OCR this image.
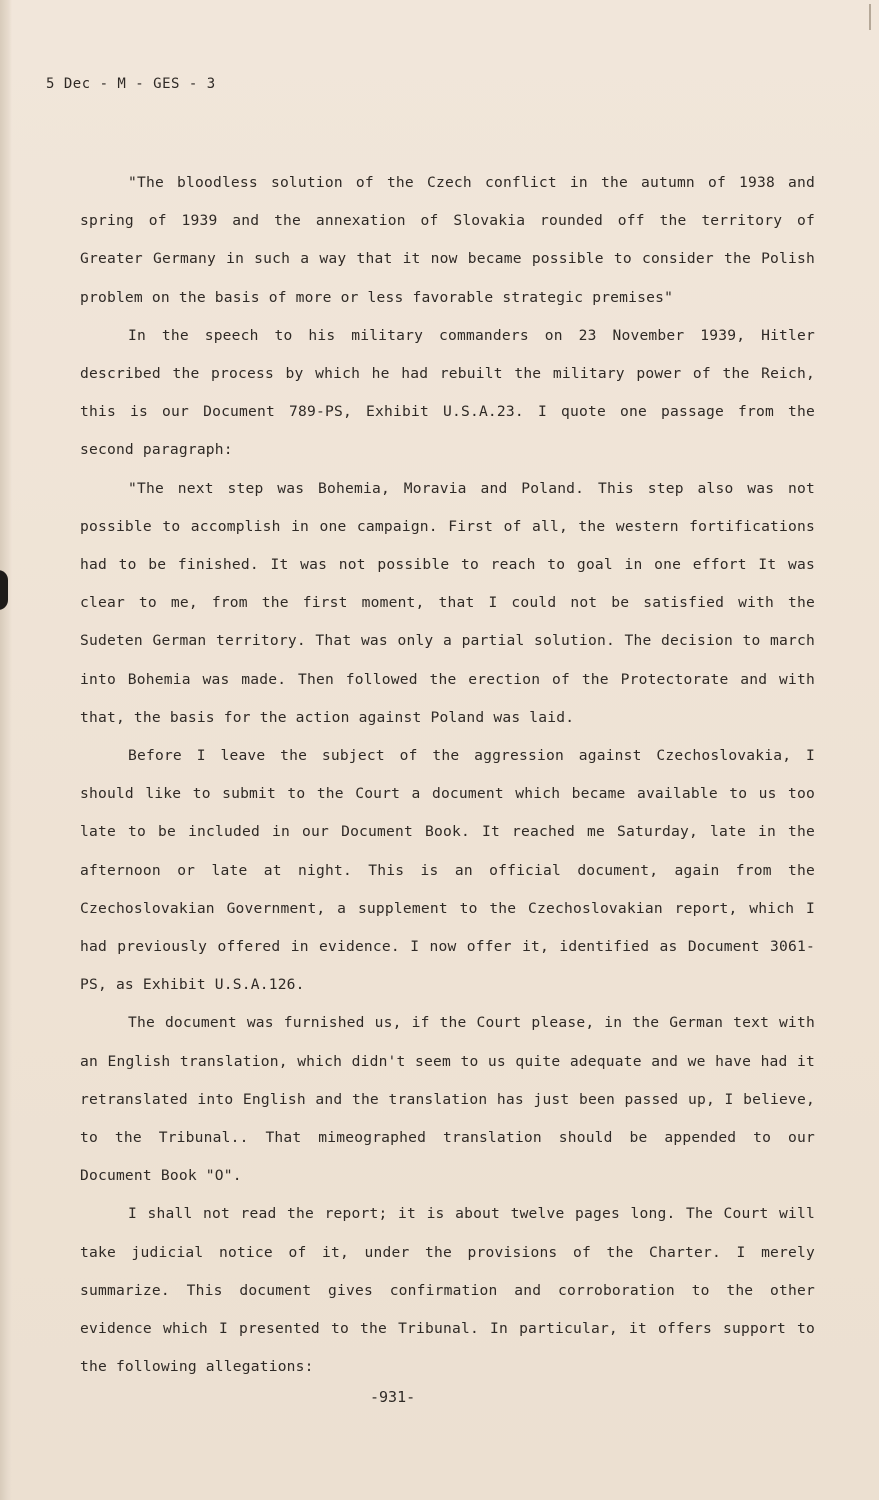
5 Dec - M - GES - 3

"The bloodless solution of the Czech conflict in the autumn of 1938 and spring of 1939 and the annexation of Slovakia rounded off the territory of Greater Germany in such a way that it now became possible to consider the Polish problem on the basis of more or less favorable strategic premises"

In the speech to his military commanders on 23 November 1939, Hitler described the process by which he had rebuilt the military power of the Reich, this is our Document 789-PS, Exhibit U.S.A.23. I quote one passage from the second paragraph:

"The next step was Bohemia, Moravia and Poland. This step also was not possible to accomplish in one campaign. First of all, the western fortifications had to be finished. It was not possible to reach to goal in one effort It was clear to me, from the first moment, that I could not be satisfied with the Sudeten German territory. That was only a partial solution. The decision to march into Bohemia was made. Then followed the erection of the Protectorate and with that, the basis for the action against Poland was laid.

Before I leave the subject of the aggression against Czechoslovakia, I should like to submit to the Court a document which became available to us too late to be included in our Document Book. It reached me Saturday, late in the afternoon or late at night. This is an official document, again from the Czechoslovakian Government, a supplement to the Czechoslovakian report, which I had previously offered in evidence. I now offer it, identified as Document 3061-PS, as Exhibit U.S.A.126.

The document was furnished us, if the Court please, in the German text with an English translation, which didn't seem to us quite adequate and we have had it retranslated into English and the translation has just been passed up, I believe, to the Tribunal.. That mimeographed translation should be appended to our Document Book "O".

I shall not read the report; it is about twelve pages long. The Court will take judicial notice of it, under the provisions of the Charter. I merely summarize. This document gives confirmation and corroboration to the other evidence which I presented to the Tribunal. In particular, it offers support to the following allegations:

-931-
